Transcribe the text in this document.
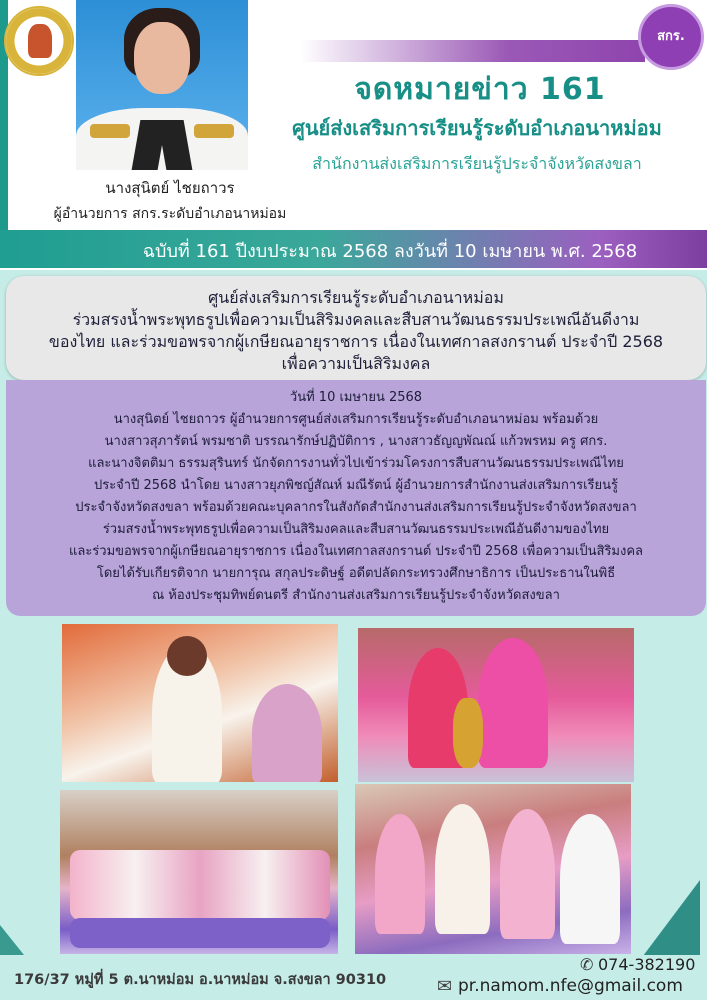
สกร.
นางสุนิตย์ ไชยถาวร
ผู้อำนวยการ สกร.ระดับอำเภอนาหม่อม
จดหมายข่าว 161
ศูนย์ส่งเสริมการเรียนรู้ระดับอำเภอนาหม่อม
สำนักงานส่งเสริมการเรียนรู้ประจำจังหวัดสงขลา
ฉบับที่ 161 ปีงบประมาณ 2568 ลงวันที่ 10 เมษายน พ.ศ. 2568
ศูนย์ส่งเสริมการเรียนรู้ระดับอำเภอนาหม่อม
ร่วมสรงน้ำพระพุทธรูปเพื่อความเป็นสิริมงคลและสืบสานวัฒนธรรมประเพณีอันดีงาม
ของไทย และร่วมขอพรจากผู้เกษียณอายุราชการ เนื่องในเทศกาลสงกรานต์ ประจำปี 2568
เพื่อความเป็นสิริมงคล
วันที่ 10 เมษายน 2568
นางสุนิตย์ ไชยถาวร ผู้อำนวยการศูนย์ส่งเสริมการเรียนรู้ระดับอำเภอนาหม่อม พร้อมด้วย
นางสาวสุภารัตน์ พรมชาติ บรรณารักษ์ปฏิบัติการ , นางสาวธัญญพัณณ์ แก้วพรหม ครู ศกร.
และนางจิตติมา ธรรมสุรินทร์ นักจัดการงานทั่วไปเข้าร่วมโครงการสืบสานวัฒนธรรมประเพณีไทย
ประจำปี 2568 นำโดย นางสาวยุภพิชญ์สัณห์ มณีรัตน์ ผู้อำนวยการสำนักงานส่งเสริมการเรียนรู้
ประจำจังหวัดสงขลา พร้อมด้วยคณะบุคลากรในสังกัดสำนักงานส่งเสริมการเรียนรู้ประจำจังหวัดสงขลา
ร่วมสรงน้ำพระพุทธรูปเพื่อความเป็นสิริมงคลและสืบสานวัฒนธรรมประเพณีอันดีงามของไทย
และร่วมขอพรจากผู้เกษียณอายุราชการ เนื่องในเทศกาลสงกรานต์ ประจำปี 2568 เพื่อความเป็นสิริมงคล
โดยได้รับเกียรติจาก นายการุณ สกุลประดิษฐ์ อดีตปลัดกระทรวงศึกษาธิการ เป็นประธานในพิธี
ณ ห้องประชุมทิพย์ดนตรี สำนักงานส่งเสริมการเรียนรู้ประจำจังหวัดสงขลา
176/37 หมู่ที่ 5 ต.นาหม่อม อ.นาหม่อม จ.สงขลา 90310
✆ 074-382190
✉ pr.namom.nfe@gmail.com
